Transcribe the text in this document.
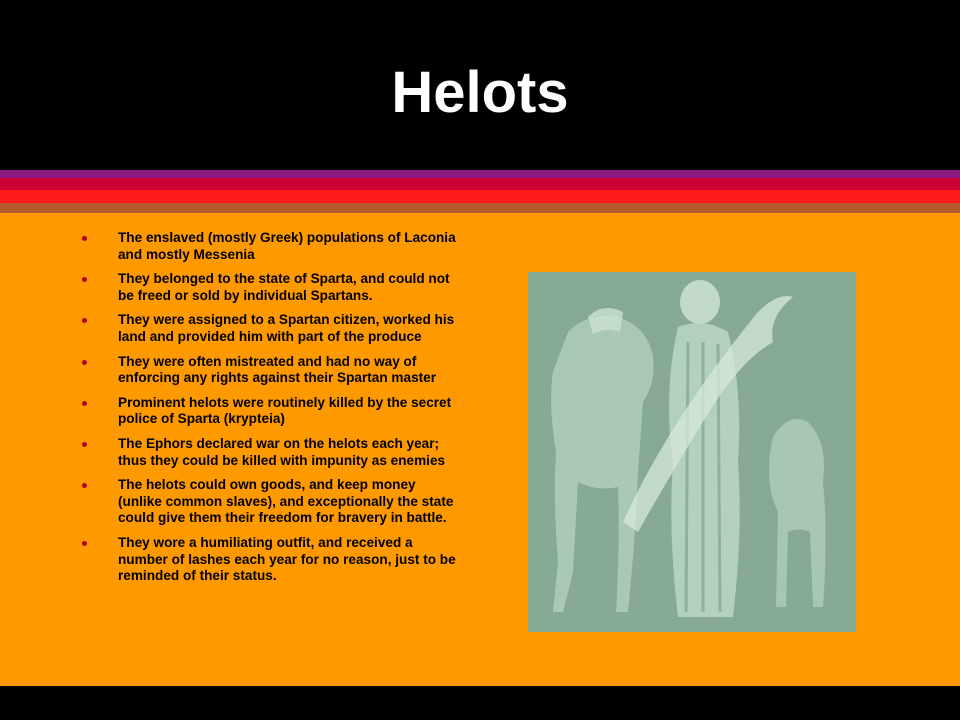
Helots
The enslaved (mostly Greek) populations of Laconia and mostly Messenia
They belonged to the state of Sparta, and could not be freed or sold by individual Spartans.
They were assigned to a Spartan citizen, worked his land and provided him with part of the produce
They were often mistreated and had no way of enforcing any rights against their Spartan master
Prominent helots were routinely killed by the secret police of Sparta (krypteia)
The Ephors declared war on the helots each year; thus they could be killed with impunity as enemies
The helots could own goods, and keep money (unlike common slaves), and exceptionally the state could give them their freedom for bravery in battle.
They wore a humiliating outfit, and received a number of lashes each year for no reason, just to be reminded of their status.
